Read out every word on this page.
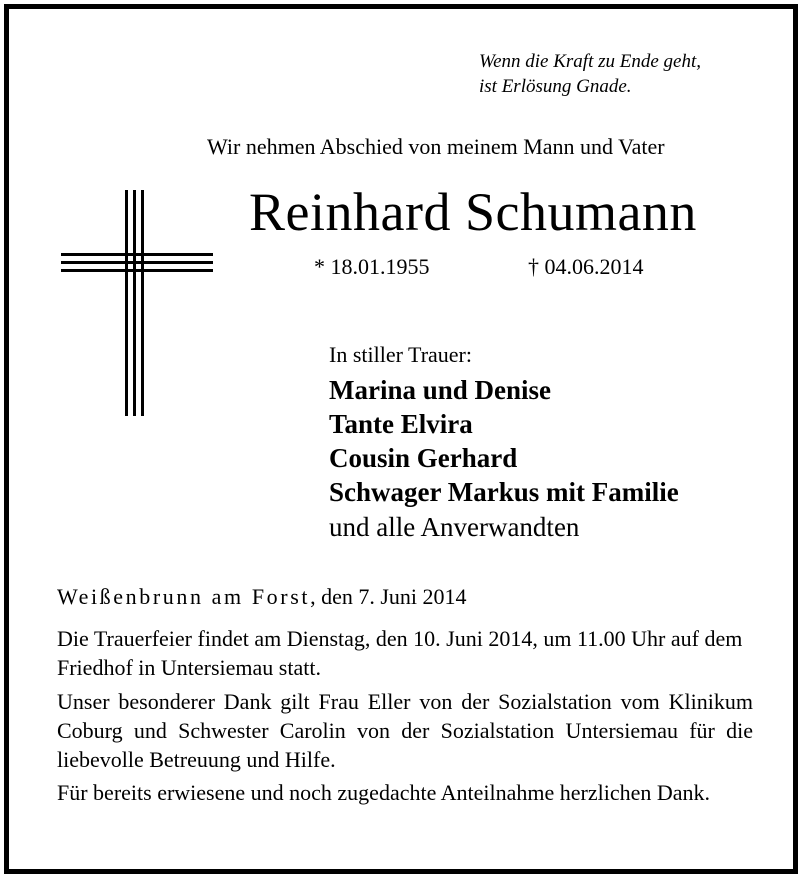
Wenn die Kraft zu Ende geht,
ist Erlösung Gnade.
Wir nehmen Abschied von meinem Mann und Vater
Reinhard Schumann
* 18.01.1955	† 04.06.2014
In stiller Trauer:
Marina und Denise
Tante Elvira
Cousin Gerhard
Schwager Markus mit Familie
und alle Anverwandten
Weißenbrunn am Forst, den 7. Juni 2014
Die Trauerfeier findet am Dienstag, den 10. Juni 2014, um 11.00 Uhr auf dem Friedhof in Untersiemau statt.
Unser besonderer Dank gilt Frau Eller von der Sozialstation vom Klinikum Coburg und Schwester Carolin von der Sozialstation Untersiemau für die liebevolle Betreuung und Hilfe.
Für bereits erwiesene und noch zugedachte Anteilnahme herzlichen Dank.
